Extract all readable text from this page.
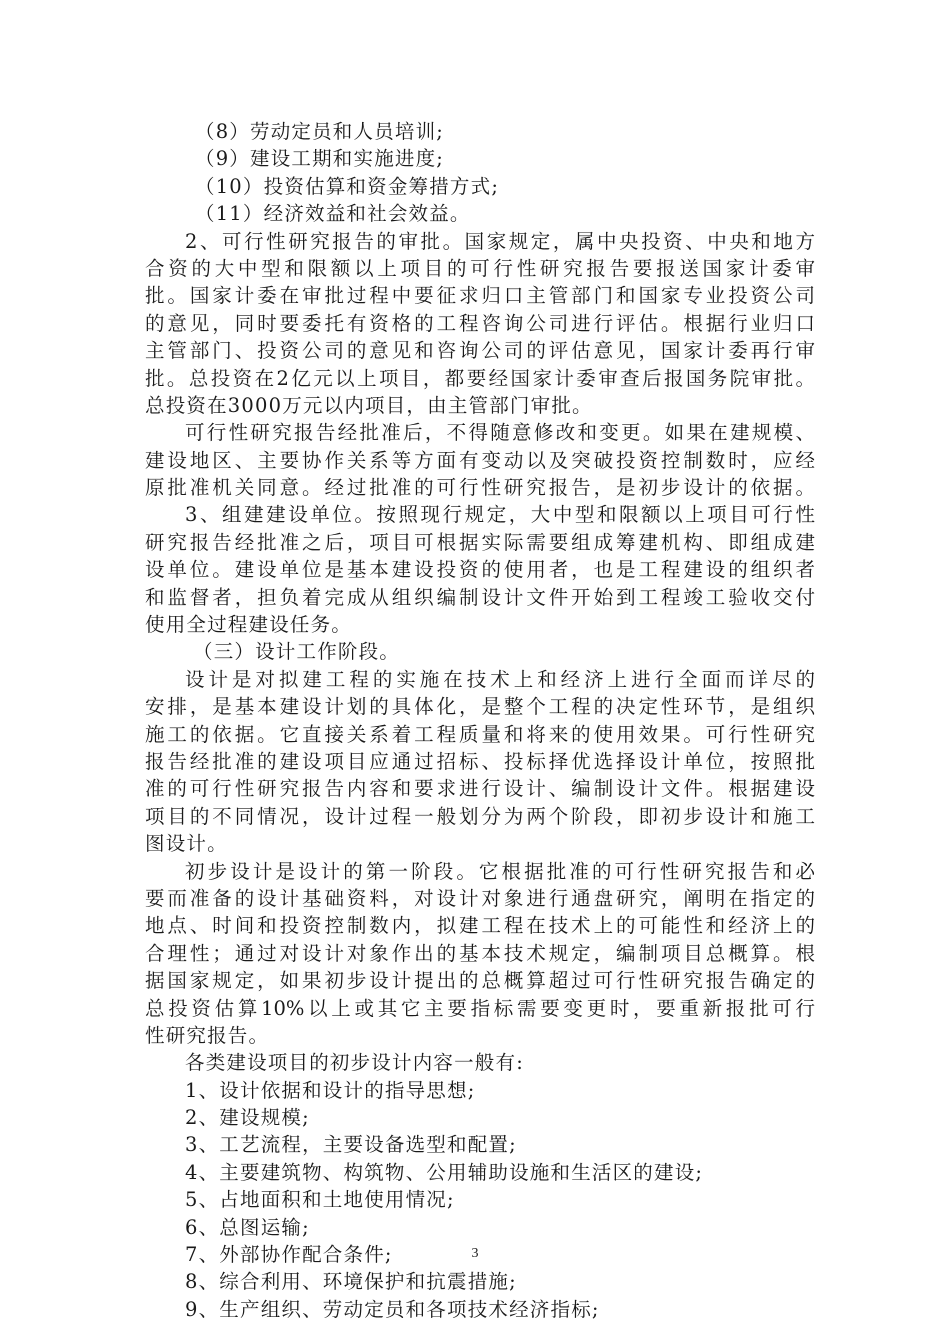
（8）劳动定员和人员培训;
（9）建设工期和实施进度;
（10）投资估算和资金筹措方式;
（11）经济效益和社会效益。
2、可行性研究报告的审批。国家规定，属中央投资、中央和地方
合资的大中型和限额以上项目的可行性研究报告要报送国家计委审
批。国家计委在审批过程中要征求归口主管部门和国家专业投资公司
的意见，同时要委托有资格的工程咨询公司进行评估。根据行业归口
主管部门、投资公司的意见和咨询公司的评估意见，国家计委再行审
批。总投资在2亿元以上项目，都要经国家计委审查后报国务院审批。
总投资在3000万元以内项目，由主管部门审批。
可行性研究报告经批准后，不得随意修改和变更。如果在建规模、
建设地区、主要协作关系等方面有变动以及突破投资控制数时，应经
原批准机关同意。经过批准的可行性研究报告，是初步设计的依据。
3、组建建设单位。按照现行规定，大中型和限额以上项目可行性
研究报告经批准之后，项目可根据实际需要组成筹建机构、即组成建
设单位。建设单位是基本建设投资的使用者，也是工程建设的组织者
和监督者，担负着完成从组织编制设计文件开始到工程竣工验收交付
使用全过程建设任务。
（三）设计工作阶段。
设计是对拟建工程的实施在技术上和经济上进行全面而详尽的
安排，是基本建设计划的具体化，是整个工程的决定性环节，是组织
施工的依据。它直接关系着工程质量和将来的使用效果。可行性研究
报告经批准的建设项目应通过招标、投标择优选择设计单位，按照批
准的可行性研究报告内容和要求进行设计、编制设计文件。根据建设
项目的不同情况，设计过程一般划分为两个阶段，即初步设计和施工
图设计。
初步设计是设计的第一阶段。它根据批准的可行性研究报告和必
要而准备的设计基础资料，对设计对象进行通盘研究，阐明在指定的
地点、时间和投资控制数内，拟建工程在技术上的可能性和经济上的
合理性；通过对设计对象作出的基本技术规定，编制项目总概算。根
据国家规定，如果初步设计提出的总概算超过可行性研究报告确定的
总投资估算10%以上或其它主要指标需要变更时，要重新报批可行
性研究报告。
各类建设项目的初步设计内容一般有:
1、设计依据和设计的指导思想;
2、建设规模;
3、工艺流程，主要设备选型和配置;
4、主要建筑物、构筑物、公用辅助设施和生活区的建设;
5、占地面积和土地使用情况;
6、总图运输;
7、外部协作配合条件;
8、综合利用、环境保护和抗震措施;
9、生产组织、劳动定员和各项技术经济指标;
3
